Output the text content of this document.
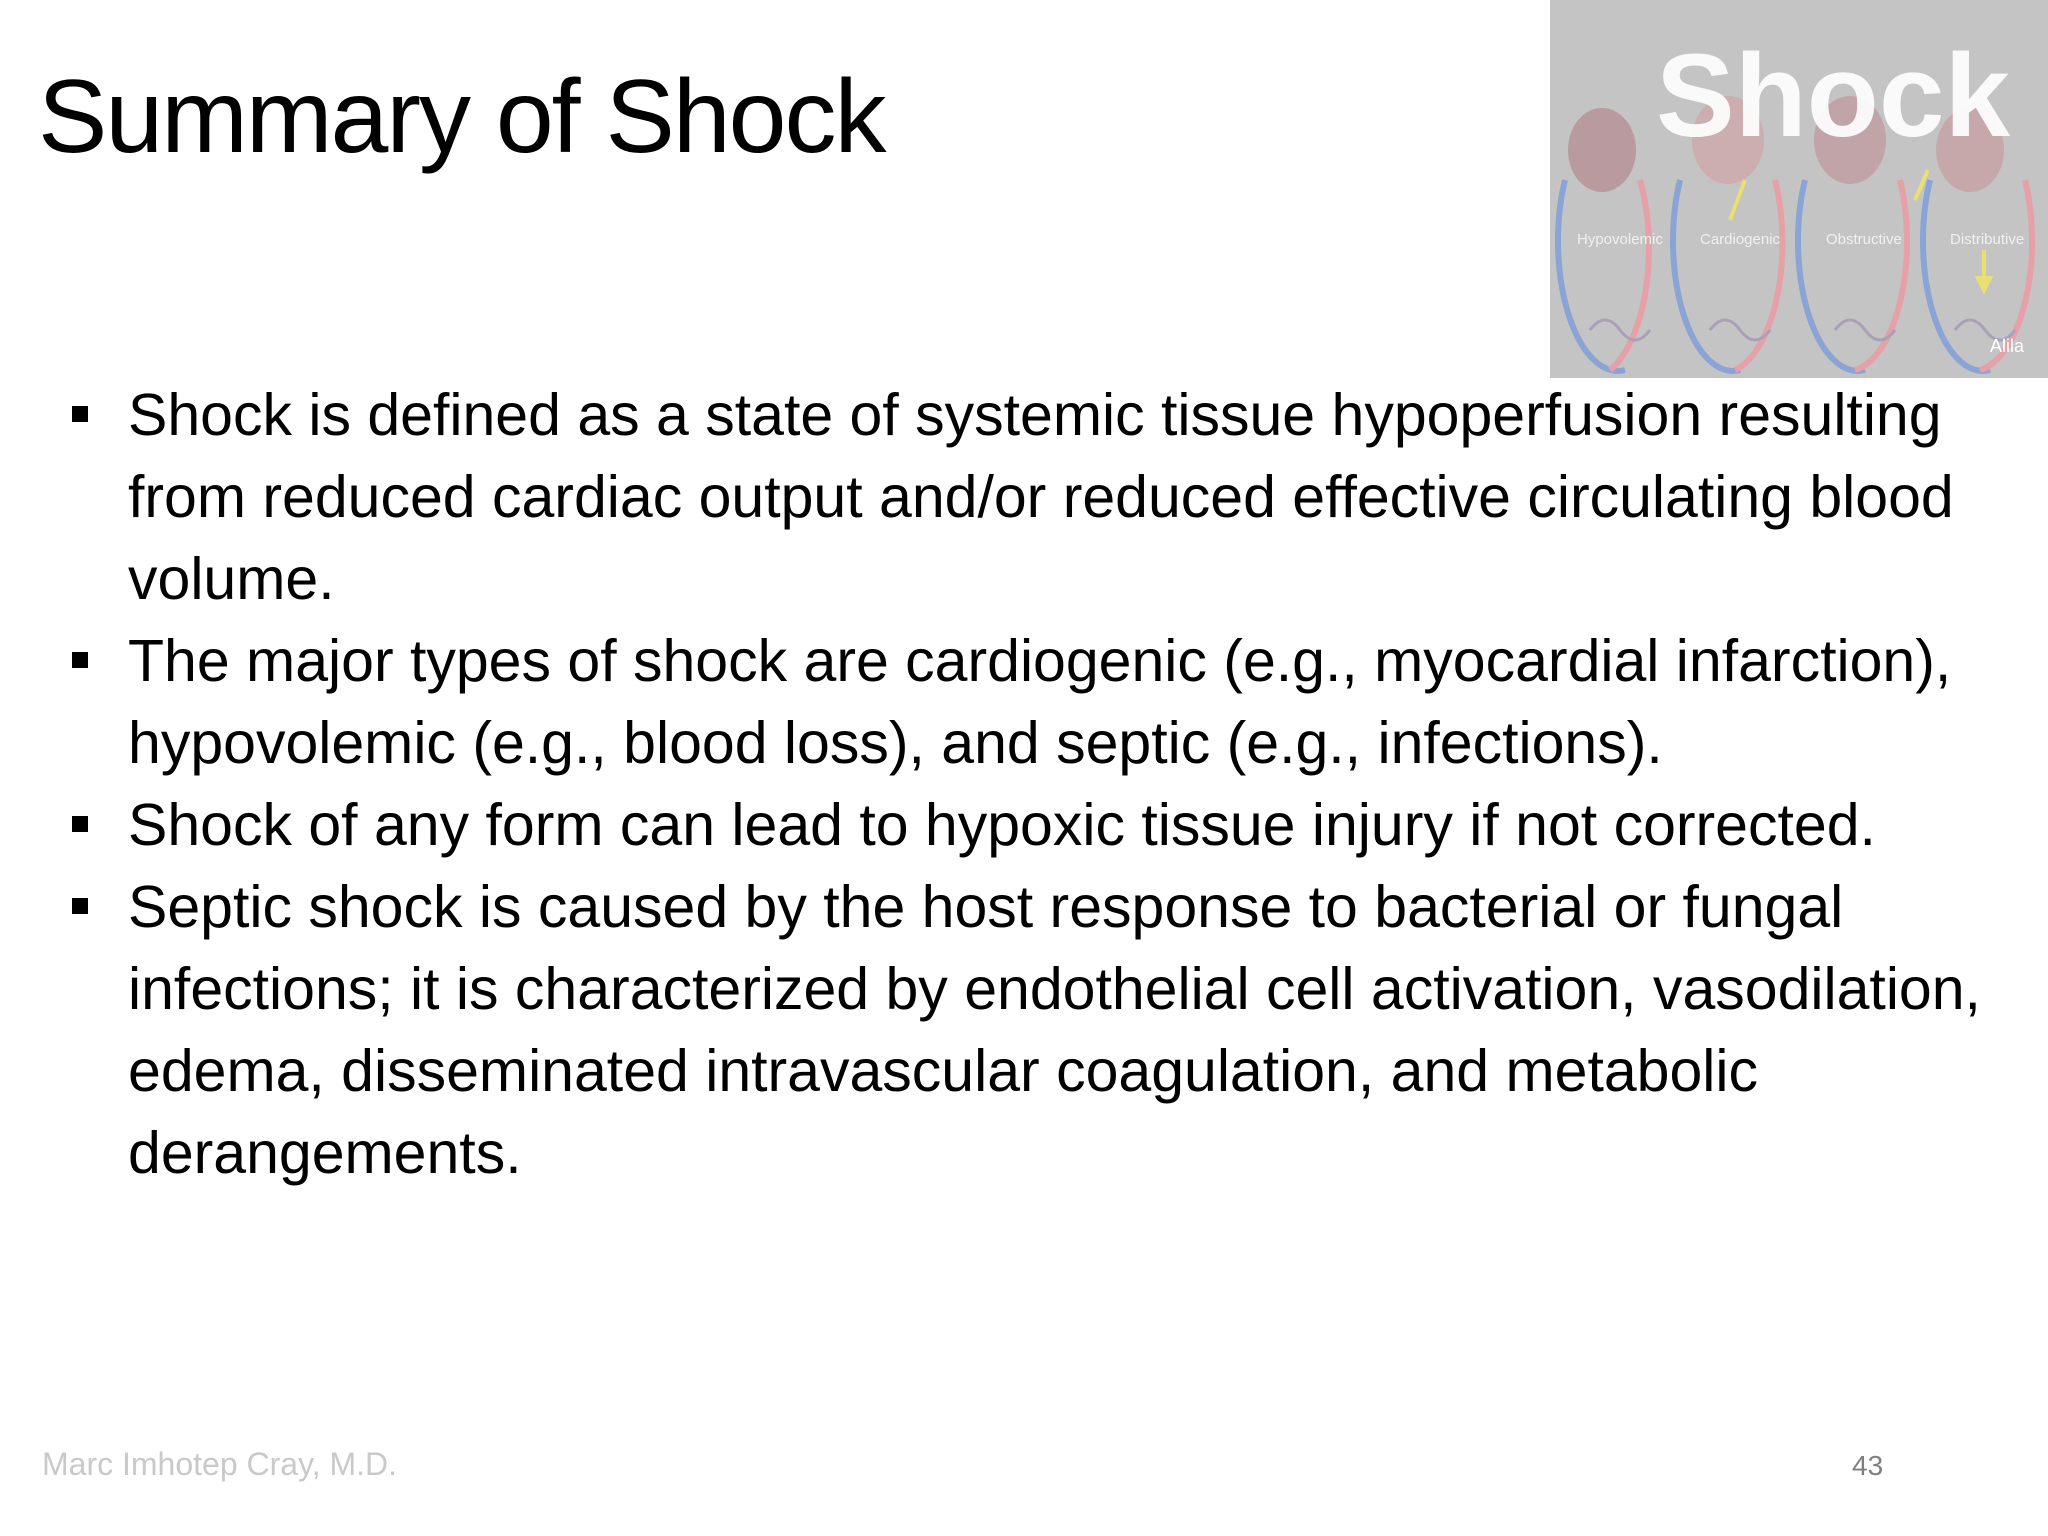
Summary of Shock	Shock
Hypovolemic Cardiogenic	Obstructive	Distributive
Alila
Shock is defined as a state of systemic tissue hypoperfusion resulting from reduced cardiac output and/or reduced effective circulating blood volume.
The major types of shock are cardiogenic (e.g., myocardial infarction), hypovolemic (e.g., blood loss), and septic (e.g., infections).
Shock of any form can lead to hypoxic tissue injury if not corrected.
Septic shock is caused by the host response to bacterial or fungal infections; it is characterized by endothelial cell activation, vasodilation, edema, disseminated intravascular coagulation, and metabolic derangements.
Marc Imhotep Cray, M.D.	43
